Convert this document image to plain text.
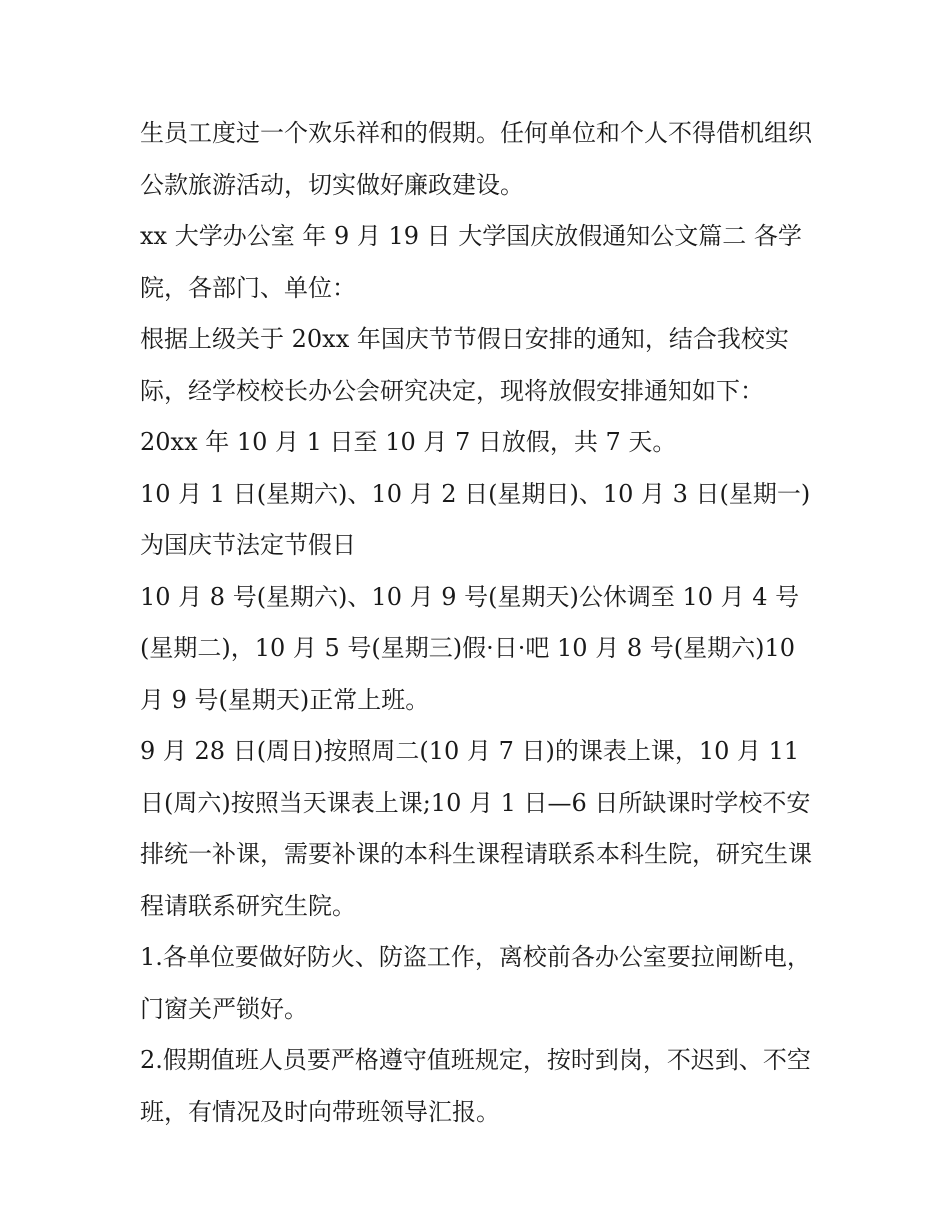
生员工度过一个欢乐祥和的假期。任何单位和个人不得借机组织公款旅游活动，切实做好廉政建设。

xx 大学办公室 年 9 月 19 日 大学国庆放假通知公文篇二 各学院，各部门、单位：

根据上级关于 20xx 年国庆节节假日安排的通知，结合我校实际，经学校校长办公会研究决定，现将放假安排通知如下：

20xx 年 10 月 1 日至 10 月 7 日放假，共 7 天。

10 月 1 日(星期六)、10 月 2 日(星期日)、10 月 3 日(星期一)为国庆节法定节假日

10 月 8 号(星期六)、10 月 9 号(星期天)公休调至 10 月 4 号(星期二)，10 月 5 号(星期三)假·日·吧 10 月 8 号(星期六)10 月 9 号(星期天)正常上班。

9 月 28 日(周日)按照周二(10 月 7 日)的课表上课，10 月 11 日(周六)按照当天课表上课;10 月 1 日—6 日所缺课时学校不安排统一补课，需要补课的本科生课程请联系本科生院，研究生课程请联系研究生院。

1.各单位要做好防火、防盗工作，离校前各办公室要拉闸断电，门窗关严锁好。

2.假期值班人员要严格遵守值班规定，按时到岗，不迟到、不空班，有情况及时向带班领导汇报。
